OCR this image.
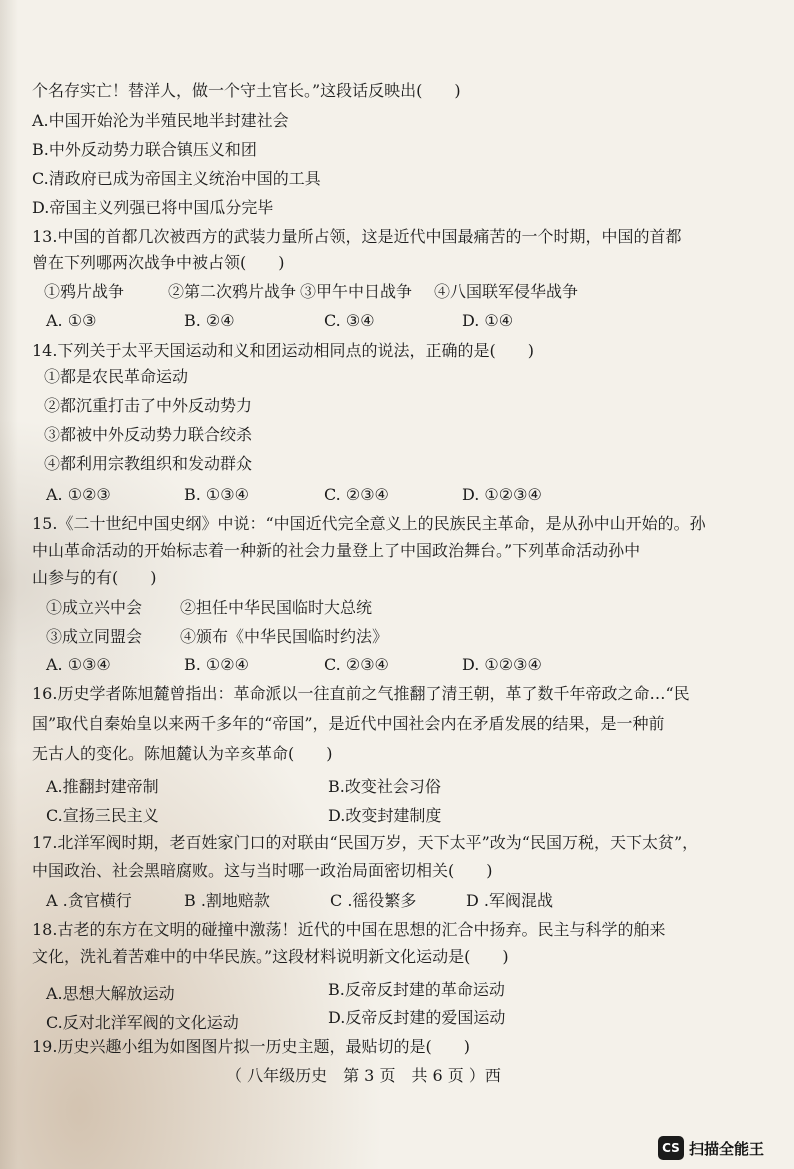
个名存实亡！替洋人，做一个守土官长。”这段话反映出(　　)
A.中国开始沦为半殖民地半封建社会
B.中外反动势力联合镇压义和团
C.清政府已成为帝国主义统治中国的工具
D.帝国主义列强已将中国瓜分完毕
13.中国的首都几次被西方的武装力量所占领，这是近代中国最痛苦的一个时期，中国的首都
曾在下列哪两次战争中被占领(　　)
①鸦片战争	②第二次鸦片战争 ③甲午中日战争 ④八国联军侵华战争
A. ①③	B. ②④	C. ③④	D. ①④
14.下列关于太平天国运动和义和团运动相同点的说法，正确的是(　　)
①都是农民革命运动
②都沉重打击了中外反动势力
③都被中外反动势力联合绞杀
④都利用宗教组织和发动群众
A. ①②③	B. ①③④	C. ②③④	D. ①②③④
15.《二十世纪中国史纲》中说：“中国近代完全意义上的民族民主革命，是从孙中山开始的。孙
中山革命活动的开始标志着一种新的社会力量登上了中国政治舞台。”下列革命活动孙中
山参与的有(　　)
①成立兴中会 ②担任中华民国临时大总统
③成立同盟会 ④颁布《中华民国临时约法》
A. ①③④	B. ①②④	C. ②③④	D. ①②③④
16.历史学者陈旭麓曾指出：革命派以一往直前之气推翻了清王朝，革了数千年帝政之命…“民
国”取代自秦始皇以来两千多年的“帝国”，是近代中国社会内在矛盾发展的结果，是一种前
无古人的变化。陈旭麓认为辛亥革命(　　)
A.推翻封建帝制	B.改变社会习俗
C.宣扬三民主义	D.改变封建制度
17.北洋军阀时期，老百姓家门口的对联由“民国万岁，天下太平”改为“民国万税，天下太贫”，
中国政治、社会黑暗腐败。这与当时哪一政治局面密切相关(　　)
A .贪官横行	B .割地赔款	C .徭役繁多	D .军阀混战
18.古老的东方在文明的碰撞中激荡！近代的中国在思想的汇合中扬弃。民主与科学的舶来
文化，洗礼着苦难中的中华民族。”这段材料说明新文化运动是(　　)
A.思想大解放运动	B.反帝反封建的革命运动
C.反对北洋军阀的文化运动	D.反帝反封建的爱国运动
19.历史兴趣小组为如图图片拟一历史主题，最贴切的是(　　)
（ 八年级历史　第 3 页　共 6 页 ）西
CS 扫描全能王
